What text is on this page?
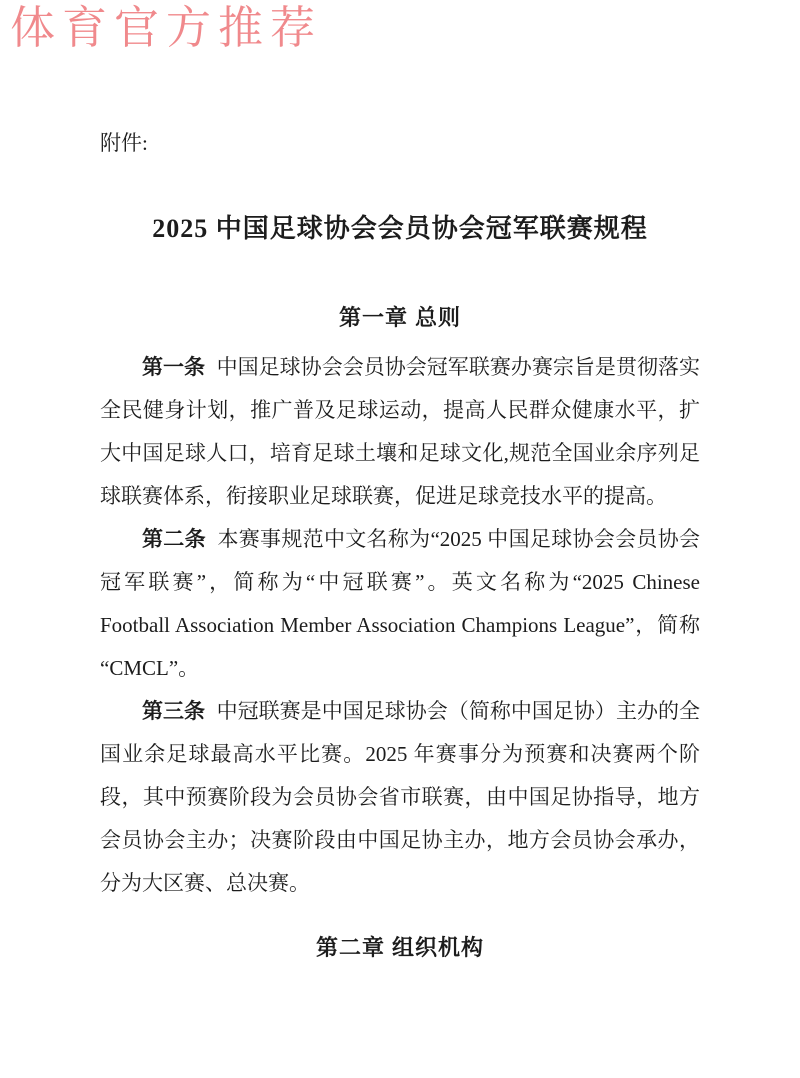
体育官方推荐
附件:
2025 中国足球协会会员协会冠军联赛规程
第一章 总则

第一条 中国足球协会会员协会冠军联赛办赛宗旨是贯彻落实全民健身计划，推广普及足球运动，提高人民群众健康水平，扩大中国足球人口，培育足球土壤和足球文化,规范全国业余序列足球联赛体系，衔接职业足球联赛，促进足球竞技水平的提高。

第二条 本赛事规范中文名称为“2025 中国足球协会会员协会冠军联赛”，简称为“中冠联赛”。英文名称为“2025 Chinese Football Association Member Association Champions League”，简称“CMCL”。

第三条 中冠联赛是中国足球协会（简称中国足协）主办的全国业余足球最高水平比赛。2025 年赛事分为预赛和决赛两个阶段，其中预赛阶段为会员协会省市联赛，由中国足协指导，地方会员协会主办；决赛阶段由中国足协主办，地方会员协会承办，分为大区赛、总决赛。

第二章 组织机构
